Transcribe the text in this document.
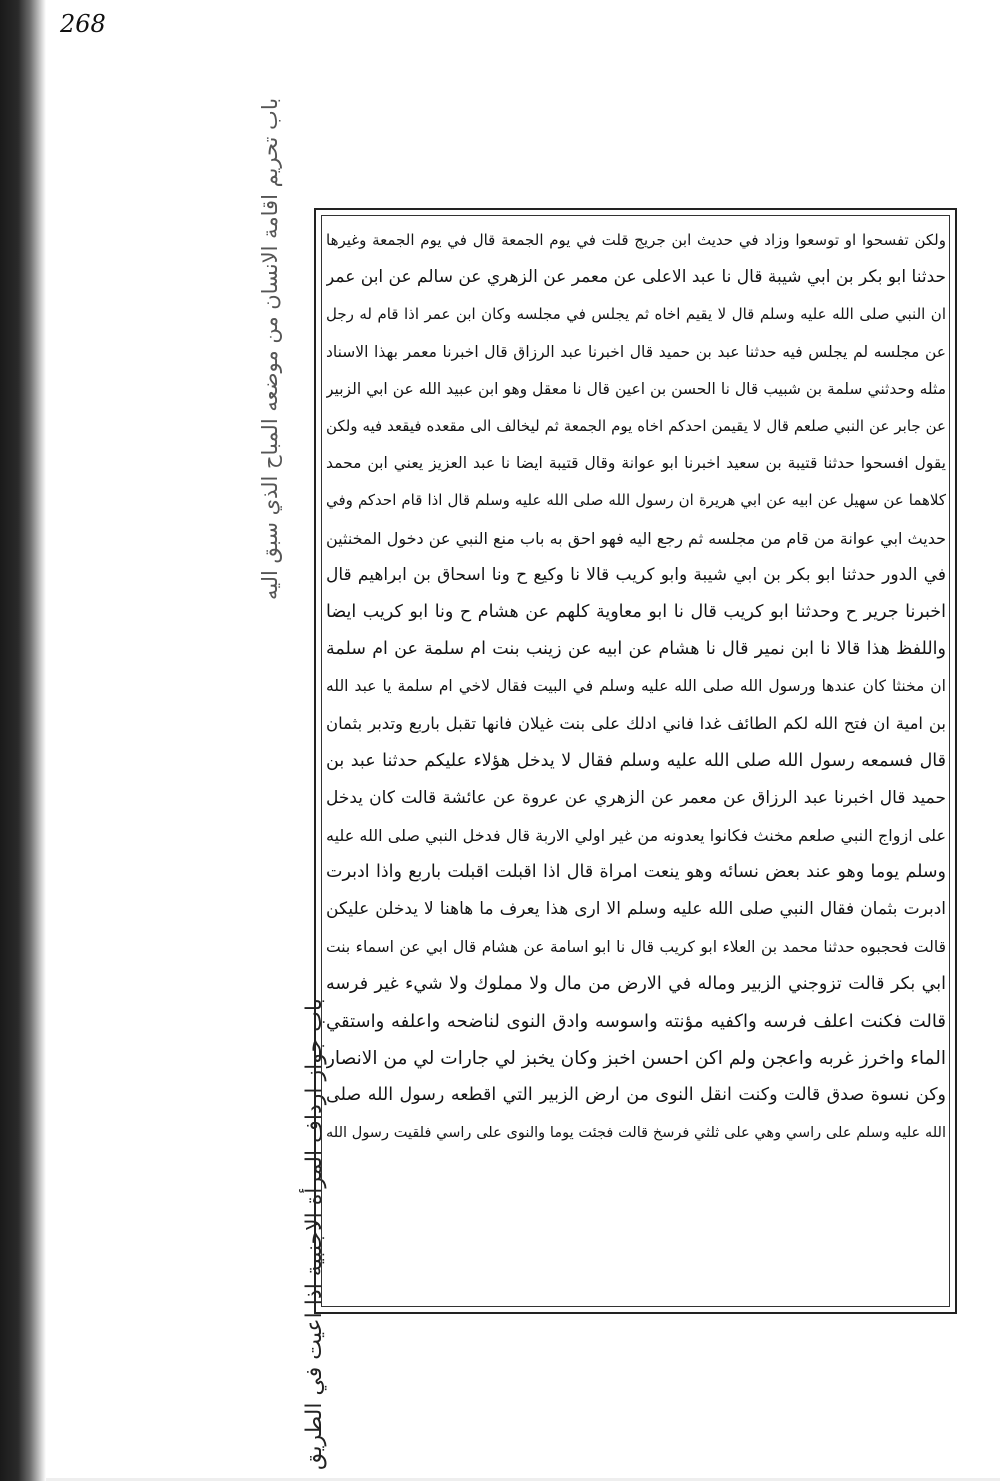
268
باب تحريم اقامة الانسان من موضعه المباح الذي سبق اليه
باب جواز ارداف المرأة الاجنبية اذا اعيت في الطريق
ولكن تفسحوا او توسعوا وزاد في حديث ابن جريج قلت في يوم الجمعة قال في يوم الجمعة وغيرها
حدثنا ابو بكر بن ابي شيبة قال نا عبد الاعلى عن معمر عن الزهري عن سالم عن ابن عمر
ان النبي صلى الله عليه وسلم قال لا يقيم اخاه ثم يجلس في مجلسه وكان ابن عمر اذا قام له رجل
عن مجلسه لم يجلس فيه حدثنا عبد بن حميد قال اخبرنا عبد الرزاق قال اخبرنا معمر بهذا الاسناد
مثله وحدثني سلمة بن شبيب قال نا الحسن بن اعين قال نا معقل وهو ابن عبيد الله عن ابي الزبير
عن جابر عن النبي صلعم قال لا يقيمن احدكم اخاه يوم الجمعة ثم ليخالف الى مقعده فيقعد فيه ولكن
يقول افسحوا حدثنا قتيبة بن سعيد اخبرنا ابو عوانة وقال قتيبة ايضا نا عبد العزيز يعني ابن محمد
كلاهما عن سهيل عن ابيه عن ابي هريرة ان رسول الله صلى الله عليه وسلم قال اذا قام احدكم وفي
حديث ابي عوانة من قام من مجلسه ثم رجع اليه فهو احق به باب منع النبي عن دخول المخنثين
في الدور حدثنا ابو بكر بن ابي شيبة وابو كريب قالا نا وكيع ح ونا اسحاق بن ابراهيم قال
اخبرنا جرير ح وحدثنا ابو كريب قال نا ابو معاوية كلهم عن هشام ح ونا ابو كريب ايضا
واللفظ هذا قالا نا ابن نمير قال نا هشام عن ابيه عن زينب بنت ام سلمة عن ام سلمة
ان مخنثا كان عندها ورسول الله صلى الله عليه وسلم في البيت فقال لاخي ام سلمة يا عبد الله
بن امية ان فتح الله لكم الطائف غدا فاني ادلك على بنت غيلان فانها تقبل باربع وتدبر بثمان
قال فسمعه رسول الله صلى الله عليه وسلم فقال لا يدخل هؤلاء عليكم حدثنا عبد بن
حميد قال اخبرنا عبد الرزاق عن معمر عن الزهري عن عروة عن عائشة قالت كان يدخل
على ازواج النبي صلعم مخنث فكانوا يعدونه من غير اولي الاربة قال فدخل النبي صلى الله عليه
وسلم يوما وهو عند بعض نسائه وهو ينعت امراة قال اذا اقبلت اقبلت باربع واذا ادبرت
ادبرت بثمان فقال النبي صلى الله عليه وسلم الا ارى هذا يعرف ما هاهنا لا يدخلن عليكن
قالت فحجبوه حدثنا محمد بن العلاء ابو كريب قال نا ابو اسامة عن هشام قال ابي عن اسماء بنت
ابي بكر قالت تزوجني الزبير وماله في الارض من مال ولا مملوك ولا شيء غير فرسه
قالت فكنت اعلف فرسه واكفيه مؤنته واسوسه وادق النوى لناضحه واعلفه واستقي
الماء واخرز غربه واعجن ولم اكن احسن اخبز وكان يخبز لي جارات لي من الانصار
وكن نسوة صدق قالت وكنت انقل النوى من ارض الزبير التي اقطعه رسول الله صلى
الله عليه وسلم على راسي وهي على ثلثي فرسخ قالت فجئت يوما والنوى على راسي فلقيت رسول الله
